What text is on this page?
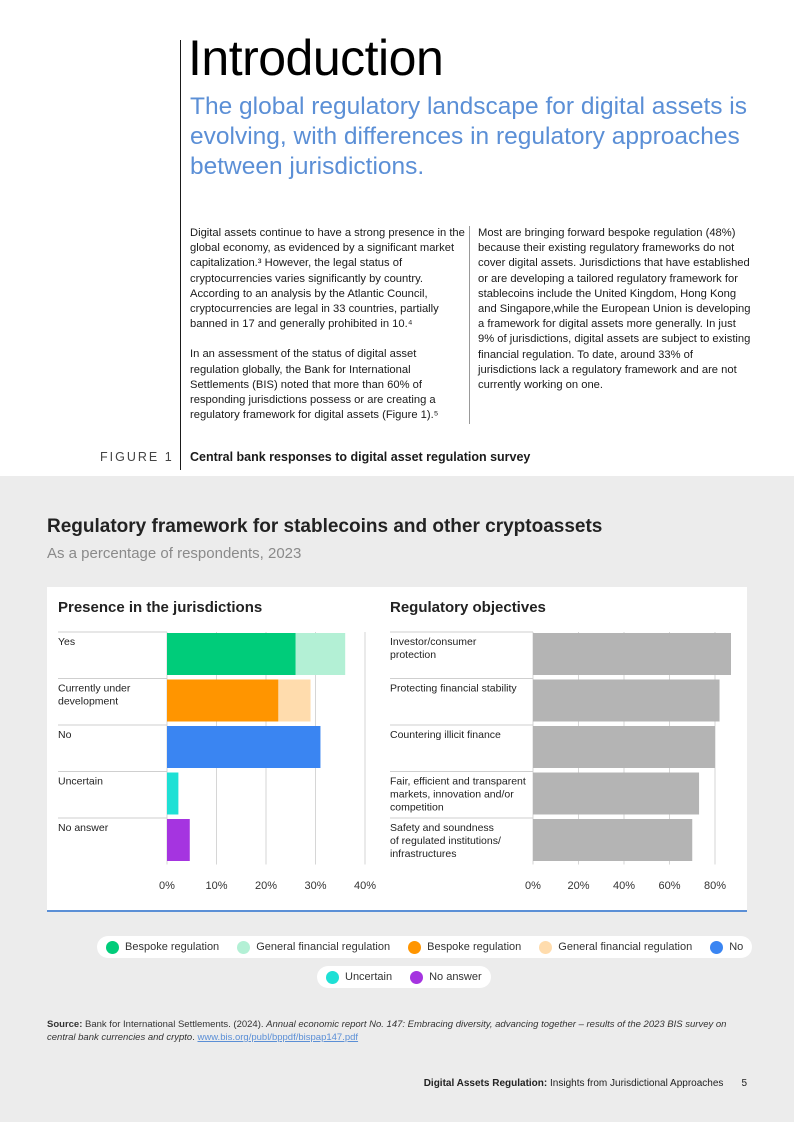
Introduction
The global regulatory landscape for digital assets is evolving, with differences in regulatory approaches between jurisdictions.

Digital assets continue to have a strong presence in the global economy, as evidenced by a significant market capitalization.³ However, the legal status of cryptocurrencies varies significantly by country. According to an analysis by the Atlantic Council, cryptocurrencies are legal in 33 countries, partially banned in 17 and generally prohibited in 10.⁴

In an assessment of the status of digital asset regulation globally, the Bank for International Settlements (BIS) noted that more than 60% of responding jurisdictions possess or are creating a regulatory framework for digital assets (Figure 1).⁵

Most are bringing forward bespoke regulation (48%) because their existing regulatory frameworks do not cover digital assets. Jurisdictions that have established or are developing a tailored regulatory framework for stablecoins include the United Kingdom, Hong Kong and Singapore,while the European Union is developing a framework for digital assets more generally. In just 9% of jurisdictions, digital assets are subject to existing financial regulation. To date, around 33% of jurisdictions lack a regulatory framework and are not currently working on one.

FIGURE 1 Central bank responses to digital asset regulation survey
Regulatory framework for stablecoins and other cryptoassets
As a percentage of respondents, 2023
Presence in the jurisdictions	Regulatory objectives
0%	10% 20% 30% 40%
Yes
Currently under
development
No
Uncertain
No answer
0% 20% 40% 60% 80%
Investor/consumer
protection
Protecting financial stability
Countering illicit finance
Fair, efficient and transparent
markets, innovation and/or
competition
Safety and soundness
of regulated institutions/
infrastructures
Bespoke regulation	General financial regulation	Bespoke regulation	General financial regulation	No
Uncertain	No answer
Source: Bank for International Settlements. (2024). Annual economic report No. 147: Embracing diversity, advancing together – results of the 2023 BIS survey on central bank currencies and crypto. www.bis.org/publ/bppdf/bispap147.pdf
Digital Assets Regulation: Insights from Jurisdictional Approaches 5
